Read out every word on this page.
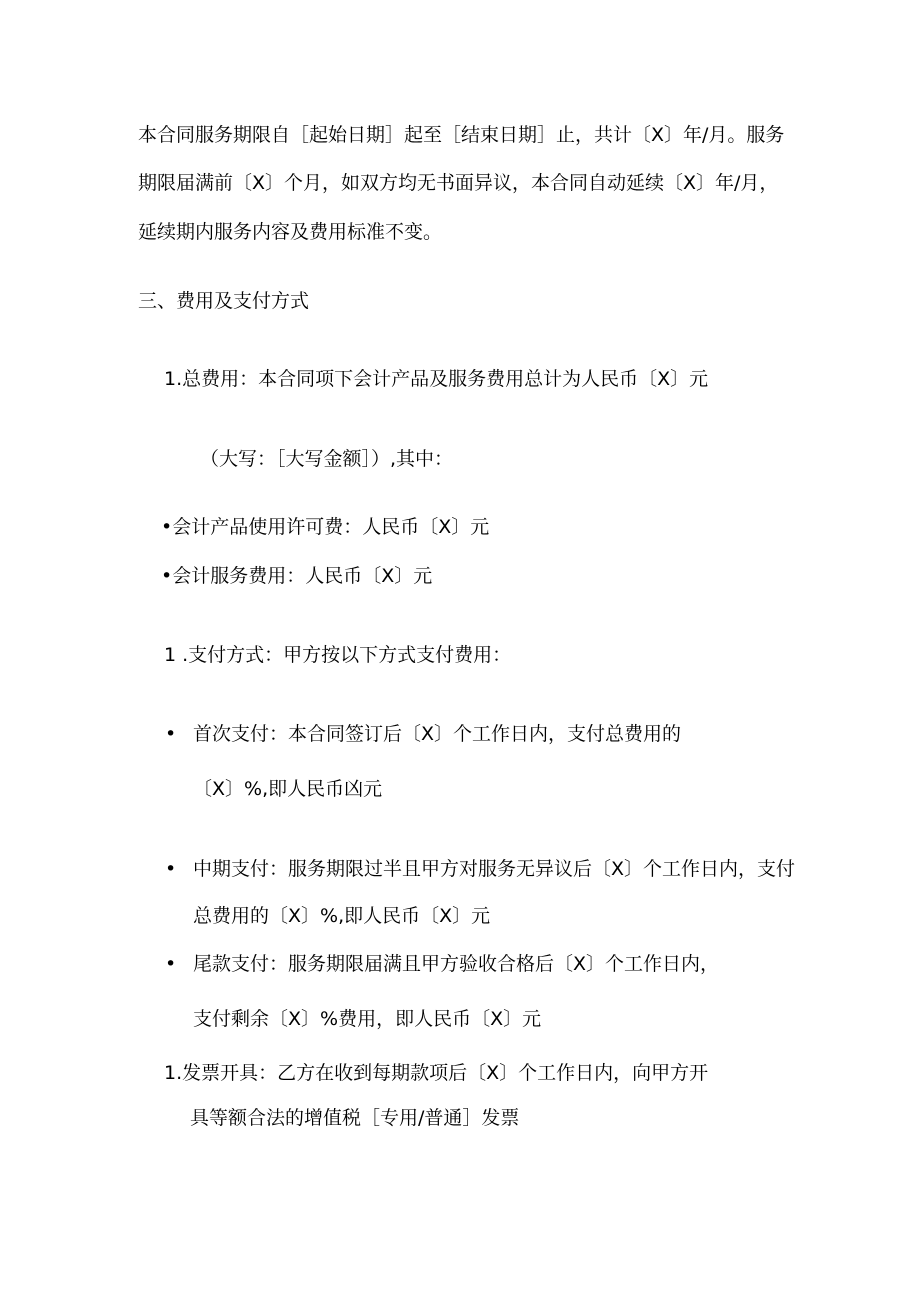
本合同服务期限自［起始日期］起至［结束日期］止，共计〔X〕年/月。服务
期限届满前〔X〕个月，如双方均无书面异议，本合同自动延续〔X〕年/月，
延续期内服务内容及费用标准不变。
三、费用及支付方式
1.总费用：本合同项下会计产品及服务费用总计为人民币〔X〕元
（大写：［大写金额］）,其中：
•会计产品使用许可费：人民币〔X〕元
•会计服务费用：人民币〔X〕元
1 .支付方式：甲方按以下方式支付费用：
• 首次支付：本合同签订后〔X〕个工作日内，支付总费用的
〔X〕%,即人民币凶元
• 中期支付：服务期限过半且甲方对服务无异议后〔X〕个工作日内，支付
总费用的〔X〕%,即人民币〔X〕元
• 尾款支付：服务期限届满且甲方验收合格后〔X〕个工作日内，
支付剩余〔X〕%费用，即人民币〔X〕元
1.发票开具：乙方在收到每期款项后〔X〕个工作日内，向甲方开
具等额合法的增值税［专用/普通］发票
